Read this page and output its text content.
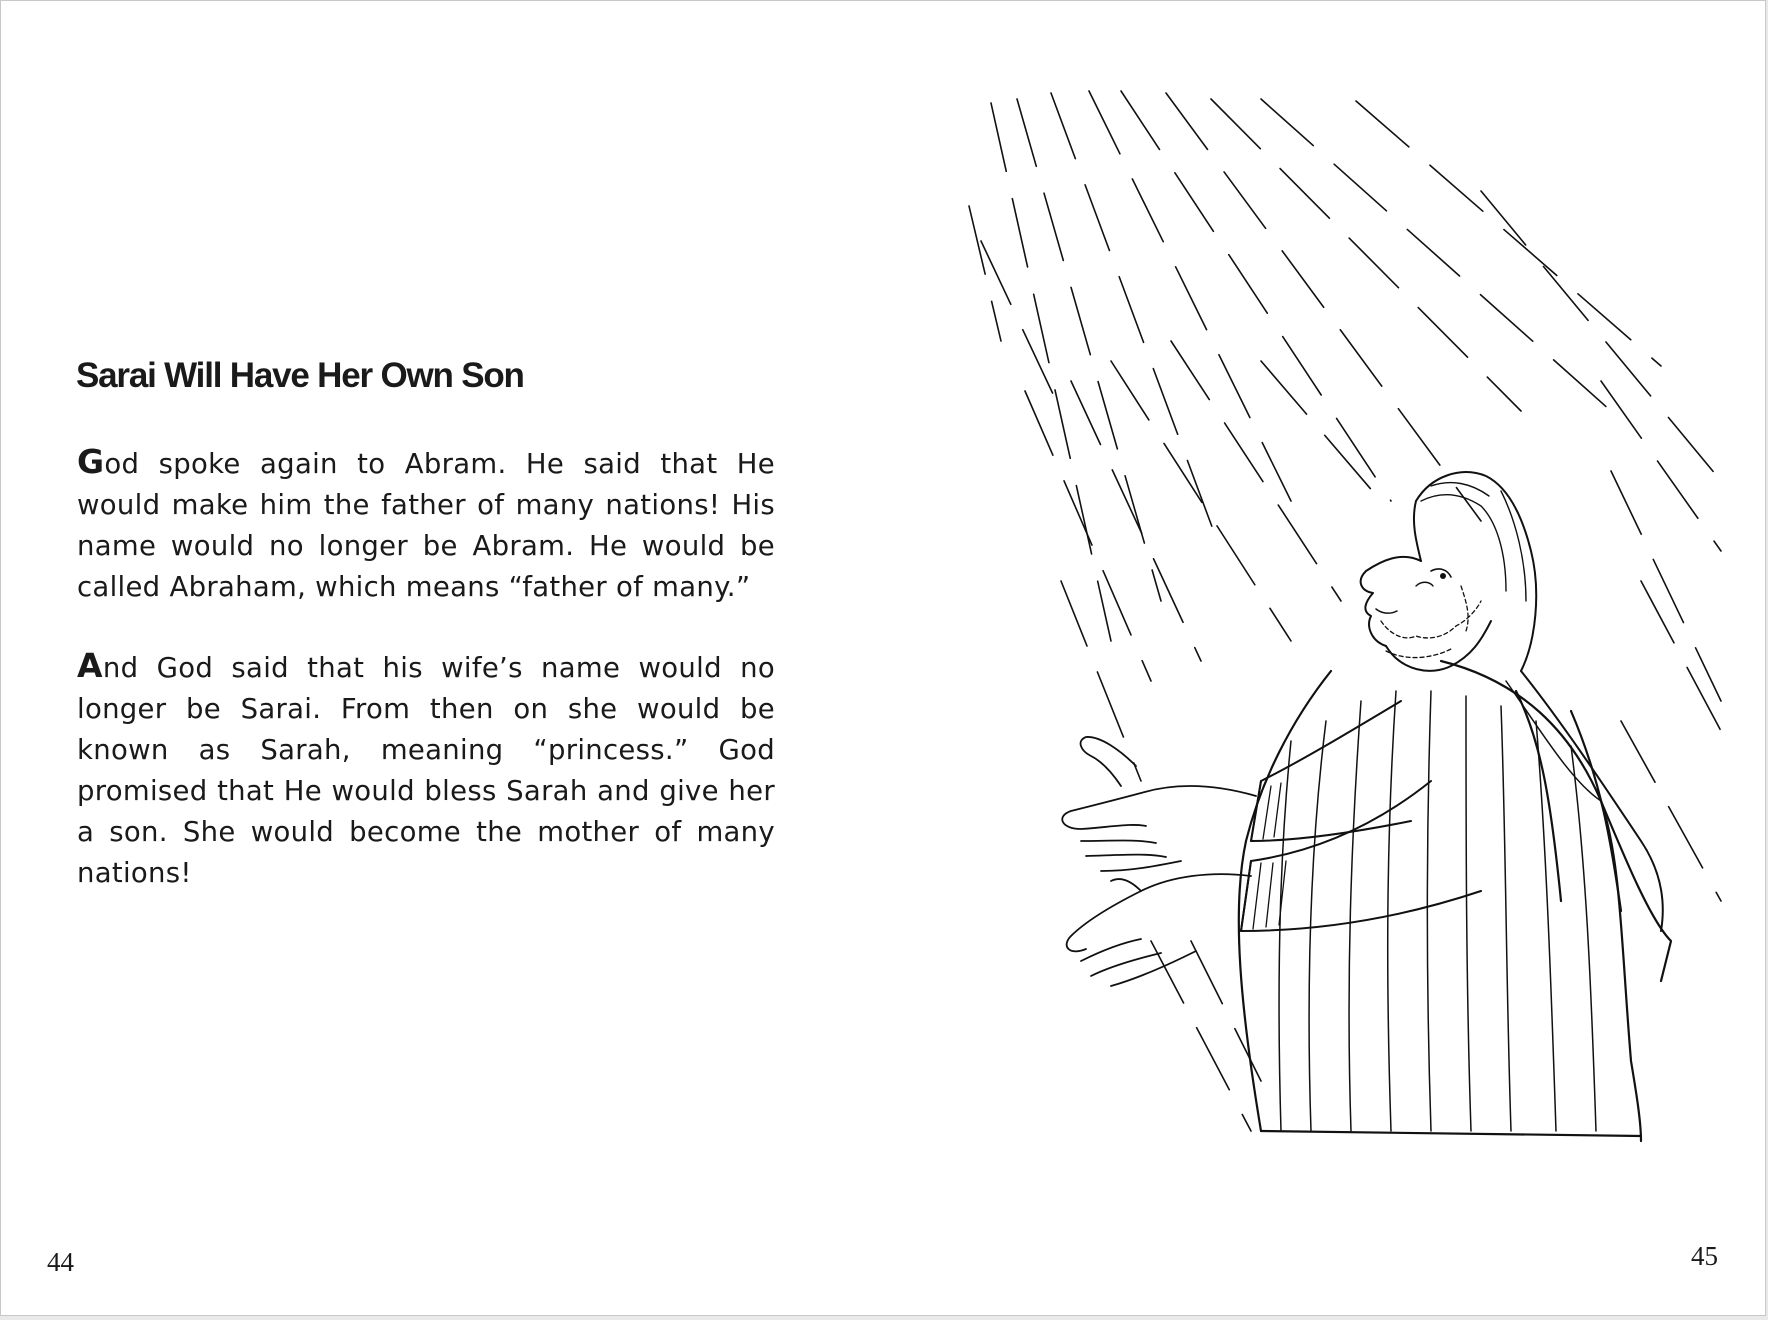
Sarai Will Have Her Own Son

God spoke again to Abram. He said that He would make him the father of many nations! His name would no longer be Abram. He would be called Abraham, which means “father of many.”

And God said that his wife’s name would no longer be Sarai. From then on she would be known as Sarah, meaning “princess.” God promised that He would bless Sarah and give her a son. She would become the mother of many nations!

44	45
